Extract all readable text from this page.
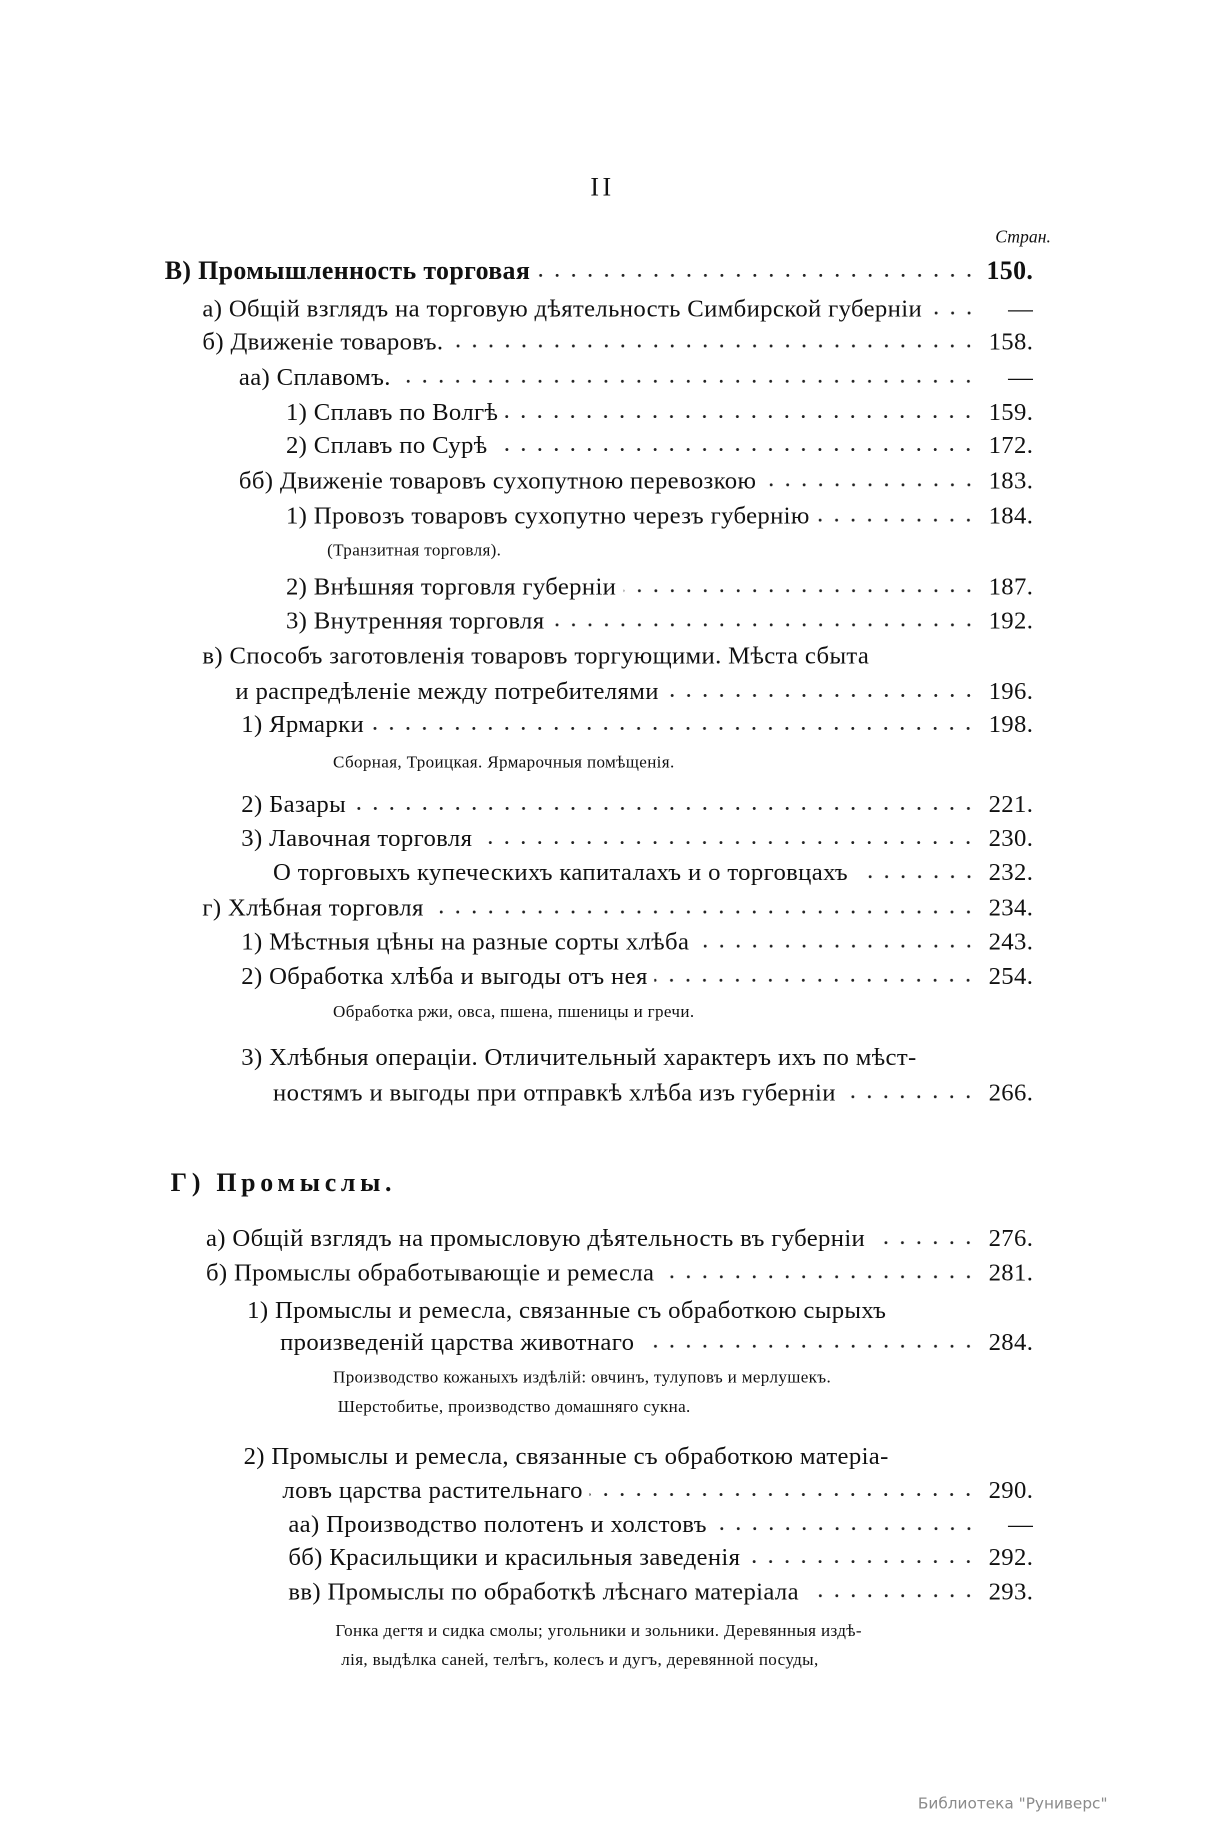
II
Стран.
В) Промышленность торговая	150.
а) Общій взглядъ на торговую дѣятельность Симбирской губерніи	—
б) Движеніе товаровъ.	158.
аа) Сплавомъ.	—
1) Сплавъ по Волгѣ	159.
2) Сплавъ по Сурѣ	172.
бб) Движеніе товаровъ сухопутною перевозкою	183.
1) Провозъ товаровъ сухопутно черезъ губернію	184.
(Транзитная торговля).
2) Внѣшняя торговля губерніи	187.
3) Внутренняя торговля	192.
в) Способъ заготовленія товаровъ торгующими. Мѣста сбыта
и распредѣленіе между потребителями	196.
1) Ярмарки	198.
Сборная, Троицкая. Ярмарочныя помѣщенія.
2) Базары	221.
3) Лавочная торговля	230.
О торговыхъ купеческихъ капиталахъ и о торговцахъ	232.
г) Хлѣбная торговля	234.
1) Мѣстныя цѣны на разные сорты хлѣба	243.
2) Обработка хлѣба и выгоды отъ нея	254.
Обработка ржи, овса, пшена, пшеницы и гречи.
3) Хлѣбныя операціи. Отличительный характеръ ихъ по мѣст-
ностямъ и выгоды при отправкѣ хлѣба изъ губерніи	266.
Г) Промыслы.
а) Общій взглядъ на промысловую дѣятельность въ губерніи	276.
б) Промыслы обработывающіе и ремесла	281.
1) Промыслы и ремесла, связанные съ обработкою сырыхъ
произведеній царства животнаго	284.
Производство кожаныхъ издѣлій: овчинъ, тулуповъ и мерлушекъ.
Шерстобитье, производство домашняго сукна.
2) Промыслы и ремесла, связанные съ обработкою матеріа-
ловъ царства растительнаго	290.
аа) Производство полотенъ и холстовъ	—
бб) Красильщики и красильныя заведенія	292.
вв) Промыслы по обработкѣ лѣснаго матеріала	293.
Гонка дегтя и сидка смолы; угольники и зольники. Деревянныя издѣ-
лія, выдѣлка саней, телѣгъ, колесъ и дугъ, деревянной посуды,
Библиотека "Руниверс"
